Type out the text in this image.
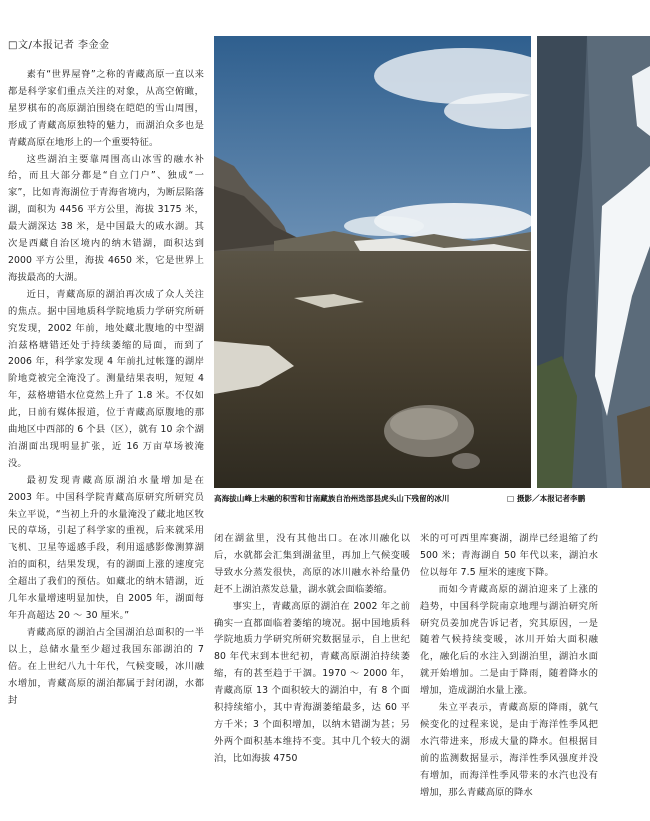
□文/本报记者 李金金

素有“世界屋脊”之称的青藏高原一直以来都是科学家们重点关注的对象，从高空俯瞰，星罗棋布的高原湖泊围绕在皑皑的雪山周围，形成了青藏高原独特的魅力，而湖泊众多也是青藏高原在地形上的一个重要特征。

这些湖泊主要靠周围高山冰雪的融水补给，而且大部分都是“自立门户”、独成“一家”，比如青海湖位于青海省境内，为断层陷落湖，面积为 4456 平方公里，海拔 3175 米，最大湖深达 38 米，是中国最大的咸水湖。其次是西藏自治区境内的纳木错湖，面积达到 2000 平方公里，海拔 4650 米，它是世界上海拔最高的大湖。

近日，青藏高原的湖泊再次成了众人关注的焦点。据中国地质科学院地质力学研究所研究发现，2002 年前，地处藏北腹地的中型湖泊兹格塘错还处于持续萎缩的局面，而到了 2006 年，科学家发现 4 年前扎过帐篷的湖岸阶地竟被完全淹没了。测量结果表明，短短 4 年，兹格塘错水位竟然上升了 1.8 米。不仅如此，日前有媒体报道，位于青藏高原腹地的那曲地区中西部的 6 个县（区），就有 10 余个湖泊湖面出现明显扩张，近 16 万亩草场被淹没。

最初发现青藏高原湖泊水量增加是在 2003 年。中国科学院青藏高原研究所研究员朱立平说，“当初上升的水量淹没了藏北地区牧民的草场，引起了科学家的重视，后来就采用飞机、卫星等遥感手段，利用遥感影像测算湖泊的面积，结果发现，有的湖面上涨的速度完全超出了我们的预估。如藏北的纳木错湖，近几年水量增速明显加快，自 2005 年，湖面每年升高超达 20 ～ 30 厘米。”

青藏高原的湖泊占全国湖泊总面积的一半以上，总储水量至少超过我国东部湖泊的 7 倍。在上世纪八九十年代，气候变暖，冰川融水增加，青藏高原的湖泊都属于封闭湖，水都封

高海拔山峰上未融的积雪和甘南藏族自治州迭部县虎头山下残留的冰川	□ 摄影／本报记者李鹏

闭在湖盆里，没有其他出口。在冰川融化以后，水就都会汇集到湖盆里，再加上气候变暖导致水分蒸发很快，高原的冰川融水补给量仍赶不上湖泊蒸发总量，湖水就会面临萎缩。

事实上，青藏高原的湖泊在 2002 年之前确实一直都面临着萎缩的境况。据中国地质科学院地质力学研究所研究数据显示，自上世纪 80 年代末到本世纪初，青藏高原湖泊持续萎缩，有的甚至趋于干涸。1970 ～ 2000 年，青藏高原 13 个面积较大的湖泊中，有 8 个面积持续缩小，其中青海湖萎缩最多，达 60 平方千米；3 个面积增加，以纳木错湖为甚；另外两个面积基本维持不变。其中几个较大的湖泊，比如海拔 4750

米的可可西里库赛湖，湖岸已经退缩了约 500 米；青海湖自 50 年代以来，湖泊水位以每年 7.5 厘米的速度下降。

而如今青藏高原的湖泊迎来了上涨的趋势，中国科学院南京地理与湖泊研究所研究员姜加虎告诉记者，究其原因，一是随着气候持续变暖，冰川开始大面积融化，融化后的水注入到湖泊里，湖泊水面就开始增加。二是由于降雨，随着降水的增加，造成湖泊水量上涨。

朱立平表示，青藏高原的降雨，就气候变化的过程来说，是由于海洋性季风把水汽带进来，形成大量的降水。但根据目前的监测数据显示，海洋性季风强度并没有增加，而海洋性季风带来的水汽也没有增加，那么青藏高原的降水
